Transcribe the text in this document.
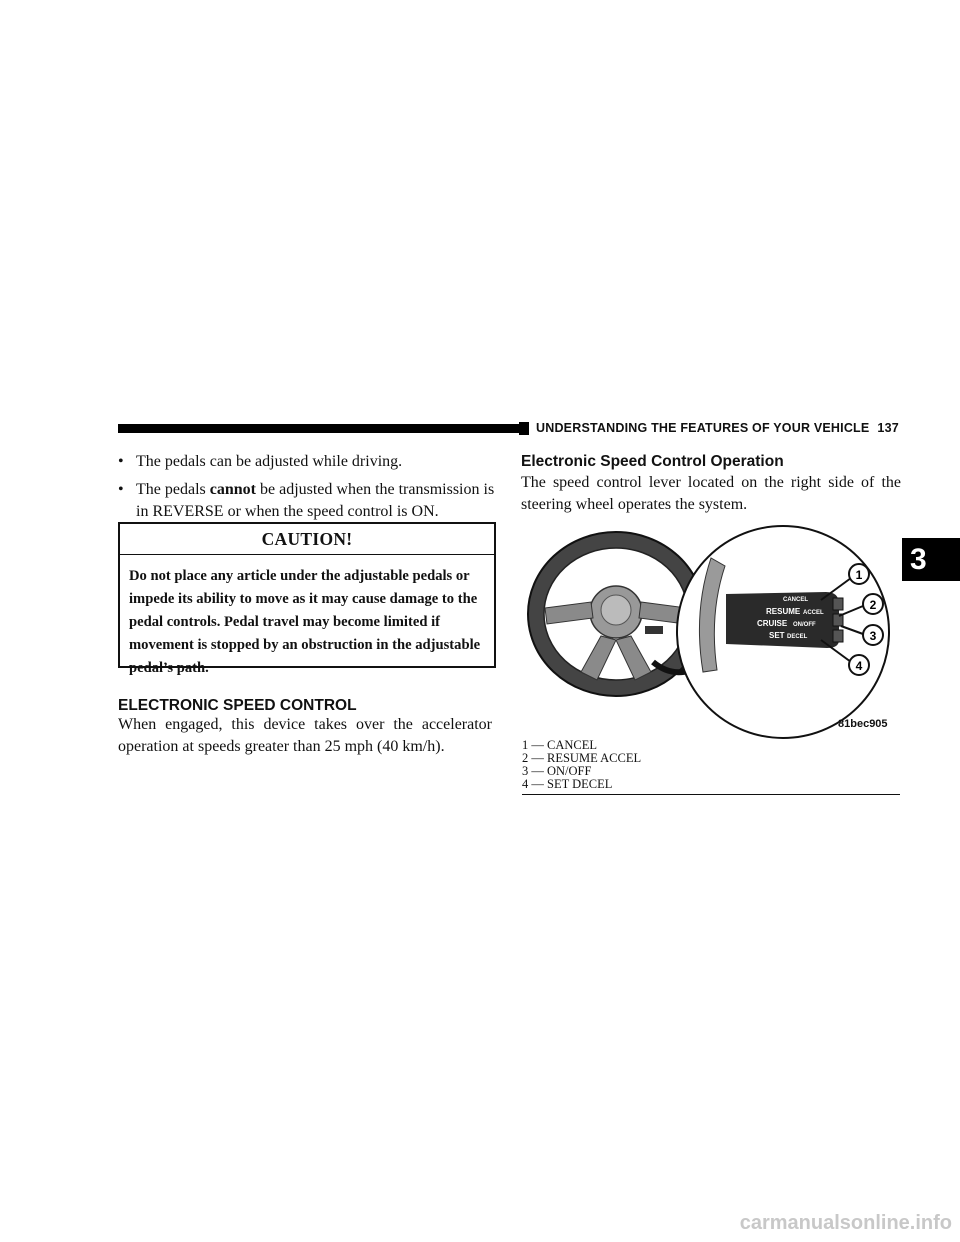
UNDERSTANDING THE FEATURES OF YOUR VEHICLE 137
• The pedals can be adjusted while driving.
• The pedals cannot be adjusted when the transmission is in REVERSE or when the speed control is ON.
CAUTION!
Do not place any article under the adjustable pedals or impede its ability to move as it may cause damage to the pedal controls. Pedal travel may become limited if movement is stopped by an obstruction in the adjustable pedal’s path.
ELECTRONIC SPEED CONTROL
When engaged, this device takes over the accelerator operation at speeds greater than 25 mph (40 km/h).
Electronic Speed Control Operation
The speed control lever located on the right side of the steering wheel operates the system.
CANCEL
RESUME ACCEL
CRUISE ON/OFF
SET DECEL
1
2
3
4
81bec905
1 — CANCEL
2 — RESUME ACCEL
3 — ON/OFF
4 — SET DECEL
3
carmanualsonline.info
